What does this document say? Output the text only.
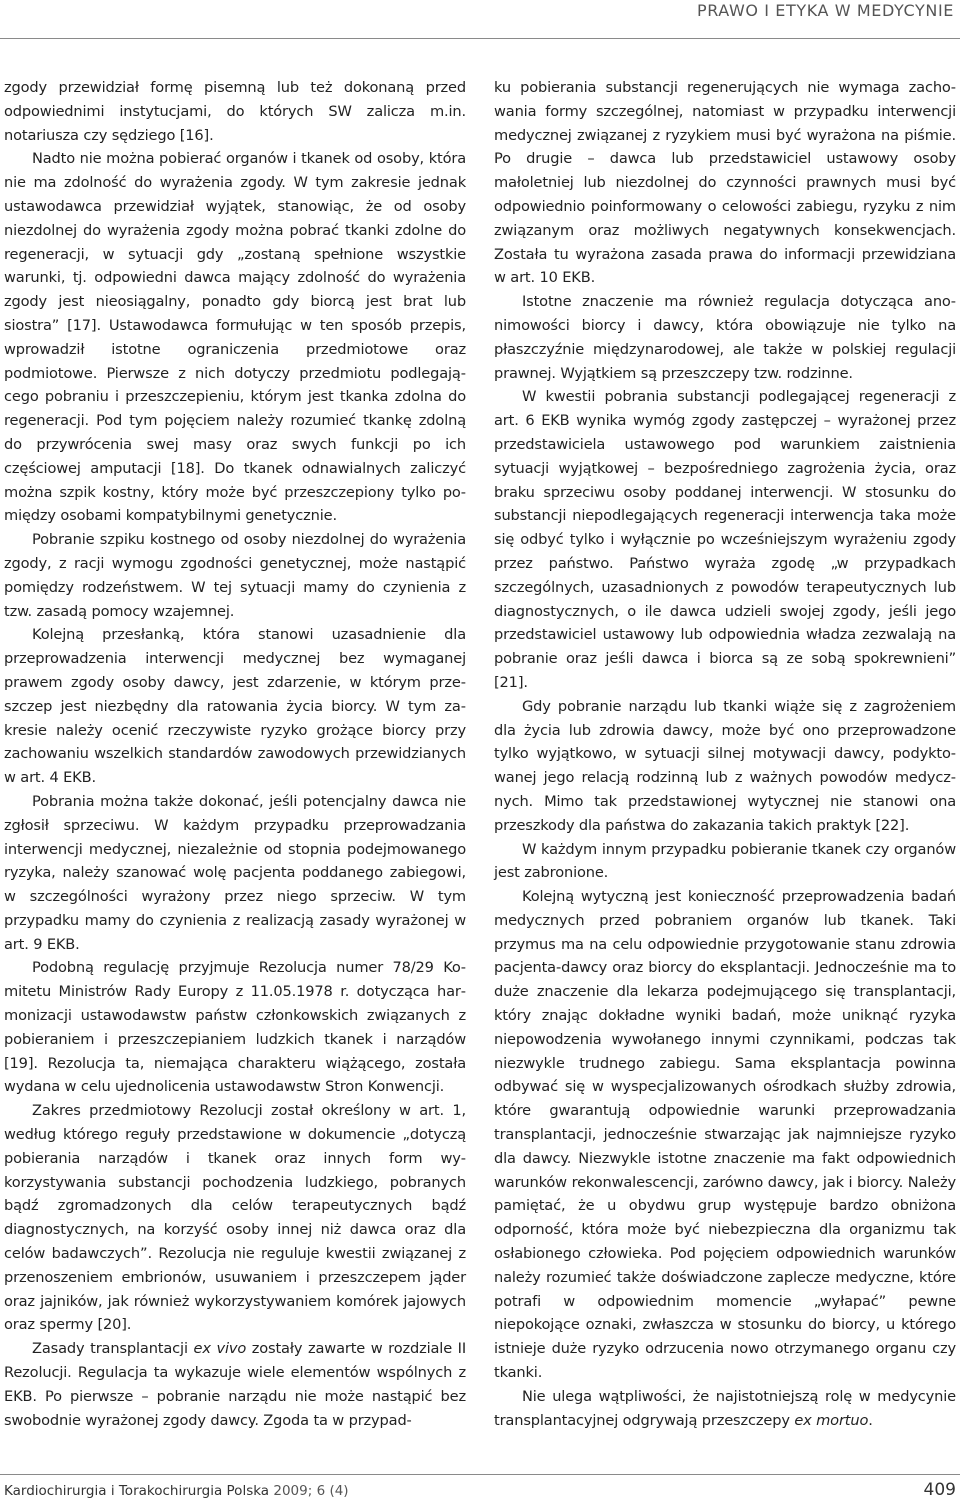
PRAWO I ETYKA W MEDYCYNIE

zgody przewidział formę pisemną lub też dokonaną przed odpowiednimi instytucjami, do których SW zalicza m.in. notariusza czy sędziego [16].

Nadto nie można pobierać organów i tkanek od osoby, która nie ma zdolność do wyrażenia zgody. W tym zakresie jednak ustawodawca przewidział wyjątek, stanowiąc, że od osoby niezdolnej do wyrażenia zgody można pobrać tkanki zdolne do regeneracji, w sytuacji gdy „zostaną spełnione wszystkie warunki, tj. odpowiedni dawca mający zdolność do wyrażenia zgody jest nieosiągalny, ponadto gdy biorcą jest brat lub siostra” [17]. Ustawodawca formułując w ten sposób przepis, wprowadził istotne ograniczenia przedmiotowe oraz podmiotowe. Pierwsze z nich dotyczy przedmiotu podlegającego pobraniu i przeszczepieniu, którym jest tkanka zdolna do regeneracji. Pod tym pojęciem należy rozumieć tkankę zdolną do przywrócenia swej masy oraz swych funkcji po ich częściowej amputacji [18]. Do tkanek odnawialnych zaliczyć można szpik kostny, który może być przeszczepiony tylko pomiędzy osobami kompatybilnymi genetycznie.

Pobranie szpiku kostnego od osoby niezdolnej do wyrażenia zgody, z racji wymogu zgodności genetycznej, może nastąpić pomiędzy rodzeństwem. W tej sytuacji mamy do czynienia z tzw. zasadą pomocy wzajemnej.

Kolejną przesłanką, która stanowi uzasadnienie dla przeprowadzenia interwencji medycznej bez wymaganej prawem zgody osoby dawcy, jest zdarzenie, w którym przeszczep jest niezbędny dla ratowania życia biorcy. W tym zakresie należy ocenić rzeczywiste ryzyko grożące biorcy przy zachowaniu wszelkich standardów zawodowych przewidzianych w art. 4 EKB.

Pobrania można także dokonać, jeśli potencjalny dawca nie zgłosił sprzeciwu. W każdym przypadku przeprowadzania interwencji medycznej, niezależnie od stopnia podejmowanego ryzyka, należy szanować wolę pacjenta poddanego zabiegowi, w szczególności wyrażony przez niego sprzeciw. W tym przypadku mamy do czynienia z realizacją zasady wyrażonej w art. 9 EKB.

Podobną regulację przyjmuje Rezolucja numer 78/29 Komitetu Ministrów Rady Europy z 11.05.1978 r. dotycząca harmonizacji ustawodawstw państw członkowskich związanych z pobieraniem i przeszczepianiem ludzkich tkanek i narządów [19]. Rezolucja ta, niemająca charakteru wiążącego, została wydana w celu ujednolicenia ustawodawstw Stron Konwencji.

Zakres przedmiotowy Rezolucji został określony w art. 1, według którego reguły przedstawione w dokumencie „dotyczą pobierania narządów i tkanek oraz innych form wykorzystywania substancji pochodzenia ludzkiego, pobranych bądź zgromadzonych dla celów terapeutycznych bądź diagnostycznych, na korzyść osoby innej niż dawca oraz dla celów badawczych”. Rezolucja nie reguluje kwestii związanej z przenoszeniem embrionów, usuwaniem i przeszczepem jąder oraz jajników, jak również wykorzystywaniem komórek jajowych oraz spermy [20].

Zasady transplantacji ex vivo zostały zawarte w rozdziale II Rezolucji. Regulacja ta wykazuje wiele elementów wspólnych z EKB. Po pierwsze – pobranie narządu nie może nastąpić bez swobodnie wyrażonej zgody dawcy. Zgoda ta w przypad-

ku pobierania substancji regenerujących nie wymaga zachowania formy szczególnej, natomiast w przypadku interwencji medycznej związanej z ryzykiem musi być wyrażona na piśmie. Po drugie – dawca lub przedstawiciel ustawowy osoby małoletniej lub niezdolnej do czynności prawnych musi być odpowiednio poinformowany o celowości zabiegu, ryzyku z nim związanym oraz możliwych negatywnych konsekwencjach. Została tu wyrażona zasada prawa do informacji przewidziana w art. 10 EKB.

Istotne znaczenie ma również regulacja dotycząca anonimowości biorcy i dawcy, która obowiązuje nie tylko na płaszczyźnie międzynarodowej, ale także w polskiej regulacji prawnej. Wyjątkiem są przeszczepy tzw. rodzinne.

W kwestii pobrania substancji podlegającej regeneracji z art. 6 EKB wynika wymóg zgody zastępczej – wyrażonej przez przedstawiciela ustawowego pod warunkiem zaistnienia sytuacji wyjątkowej – bezpośredniego zagrożenia życia, oraz braku sprzeciwu osoby poddanej interwencji. W stosunku do substancji niepodlegających regeneracji interwencja taka może się odbyć tylko i wyłącznie po wcześniejszym wyrażeniu zgody przez państwo. Państwo wyraża zgodę „w przypadkach szczególnych, uzasadnionych z powodów terapeutycznych lub diagnostycznych, o ile dawca udzieli swojej zgody, jeśli jego przedstawiciel ustawowy lub odpowiednia władza zezwalają na pobranie oraz jeśli dawca i biorca są ze sobą spokrewnieni” [21].

Gdy pobranie narządu lub tkanki wiąże się z zagrożeniem dla życia lub zdrowia dawcy, może być ono przeprowadzone tylko wyjątkowo, w sytuacji silnej motywacji dawcy, podyktowanej jego relacją rodzinną lub z ważnych powodów medycznych. Mimo tak przedstawionej wytycznej nie stanowi ona przeszkody dla państwa do zakazania takich praktyk [22].

W każdym innym przypadku pobieranie tkanek czy organów jest zabronione.

Kolejną wytyczną jest konieczność przeprowadzenia badań medycznych przed pobraniem organów lub tkanek. Taki przymus ma na celu odpowiednie przygotowanie stanu zdrowia pacjenta-dawcy oraz biorcy do eksplantacji. Jednocześnie ma to duże znaczenie dla lekarza podejmującego się transplantacji, który znając dokładne wyniki badań, może uniknąć ryzyka niepowodzenia wywołanego innymi czynnikami, podczas tak niezwykle trudnego zabiegu. Sama eksplantacja powinna odbywać się w wyspecjalizowanych ośrodkach służby zdrowia, które gwarantują odpowiednie warunki przeprowadzania transplantacji, jednocześnie stwarzając jak najmniejsze ryzyko dla dawcy. Niezwykle istotne znaczenie ma fakt odpowiednich warunków rekonwalescencji, zarówno dawcy, jak i biorcy. Należy pamiętać, że u obydwu grup występuje bardzo obniżona odporność, która może być niebezpieczna dla organizmu tak osłabionego człowieka. Pod pojęciem odpowiednich warunków należy rozumieć także doświadczone zaplecze medyczne, które potrafi w odpowiednim momencie „wyłapać” pewne niepokojące oznaki, zwłaszcza w stosunku do biorcy, u którego istnieje duże ryzyko odrzucenia nowo otrzymanego organu czy tkanki.

Nie ulega wątpliwości, że najistotniejszą rolę w medycynie transplantacyjnej odgrywają przeszczepy ex mortuo.

Kardiochirurgia i Torakochirurgia Polska 2009; 6 (4)	409
